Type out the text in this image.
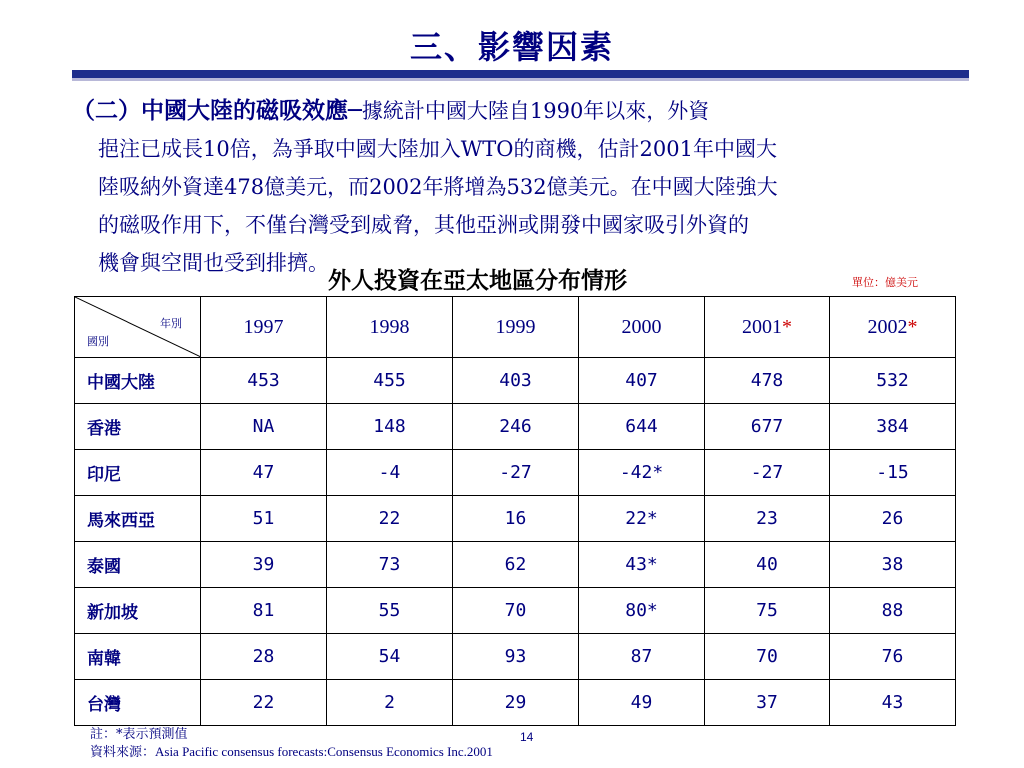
三、影響因素
（二）中國大陸的磁吸效應─據統計中國大陸自1990年以來，外資
挹注已成長10倍，為爭取中國大陸加入WTO的商機，估計2001年中國大
陸吸納外資達478億美元，而2002年將增為532億美元。在中國大陸強大
的磁吸作用下，不僅台灣受到威脅，其他亞洲或開發中國家吸引外資的
機會與空間也受到排擠。
外人投資在亞太地區分布情形	單位：億美元
年別
國別	1997	1998	1999	2000	2001*	2002*
中國大陸	453	455	403	407	478	532
香港	NA	148	246	644	677	384
印尼	47	-4	-27	-42*	-27	-15
馬來西亞	51	22	16	22*	23	26
泰國	39	73	62	43*	40	38
新加坡	81	55	70	80*	75	88
南韓	28	54	93	87	70	76
台灣	22	2	29	49	37	43
註：*表示預測值
資料來源：Asia Pacific consensus forecasts:Consensus Economics Inc.2001
14
